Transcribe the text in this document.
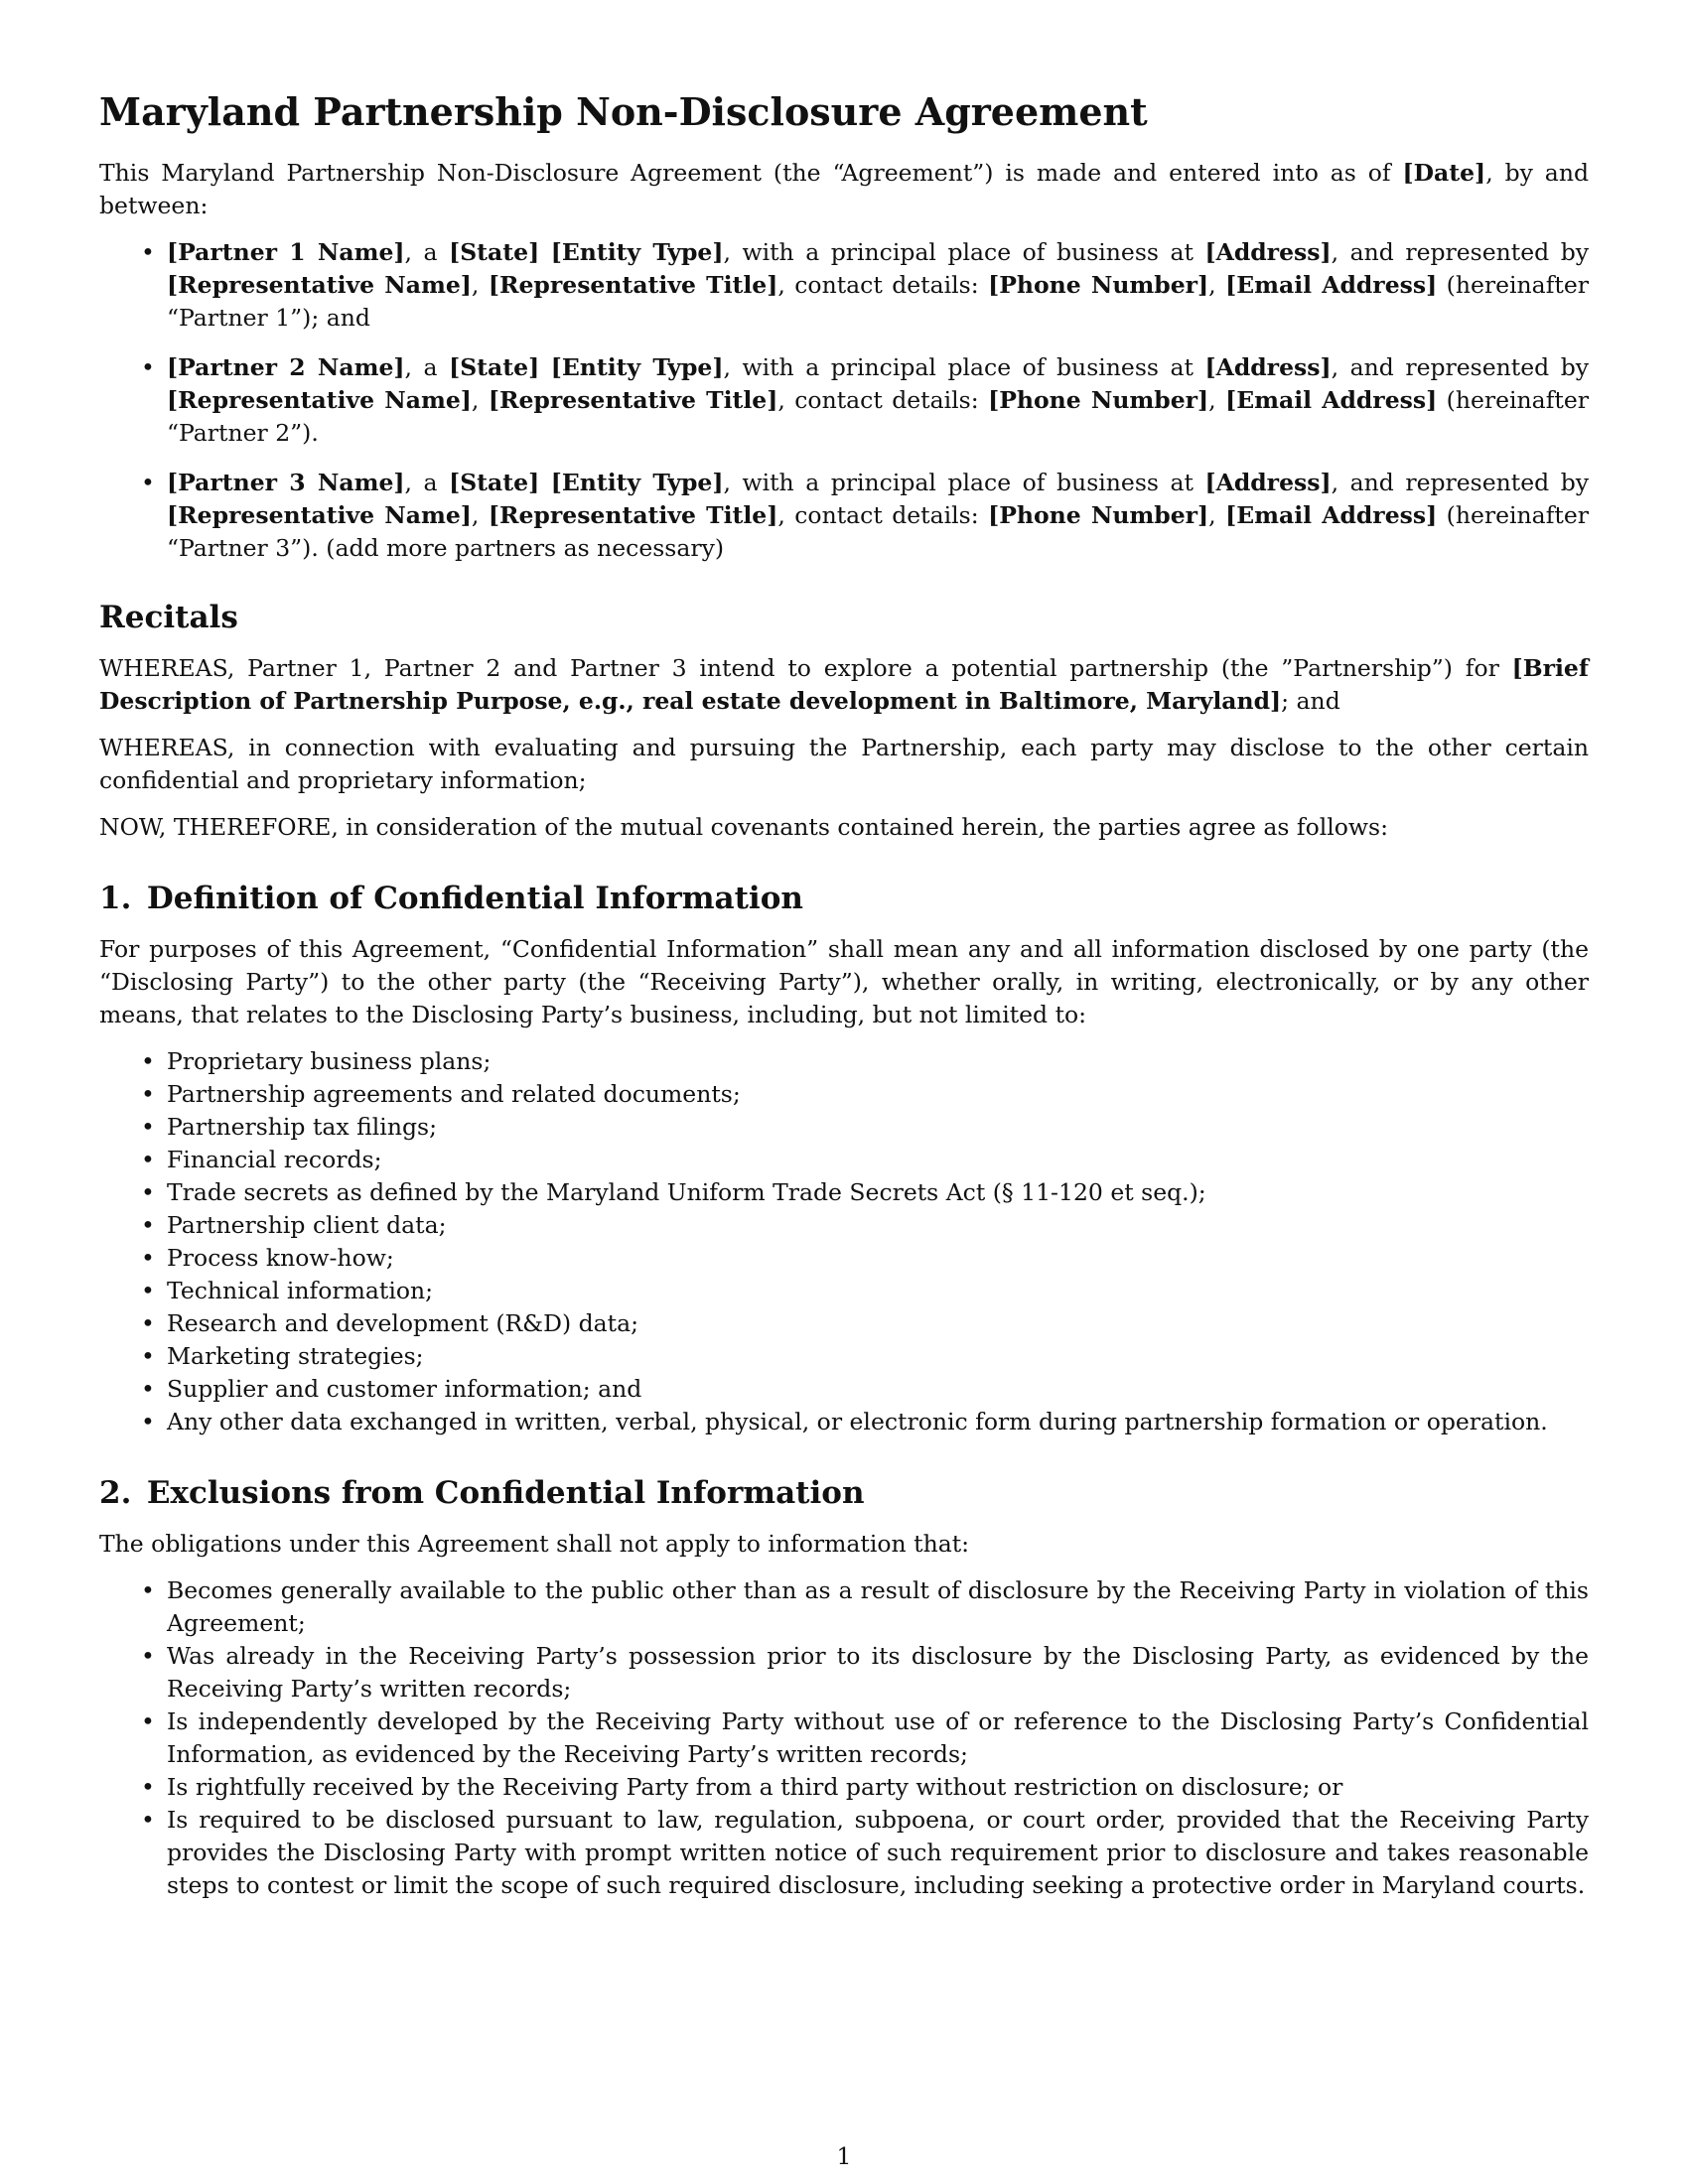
Maryland Partnership Non-Disclosure Agreement

This Maryland Partnership Non-Disclosure Agreement (the “Agreement”) is made and entered into as of [Date], by and between:

• [Partner 1 Name], a [State] [Entity Type], with a principal place of business at [Address], and represented by [Representative Name], [Representative Title], contact details: [Phone Number], [Email Address] (hereinafter “Partner 1”); and
• [Partner 2 Name], a [State] [Entity Type], with a principal place of business at [Address], and represented by [Representative Name], [Representative Title], contact details: [Phone Number], [Email Address] (hereinafter “Partner 2”).
• [Partner 3 Name], a [State] [Entity Type], with a principal place of business at [Address], and represented by [Representative Name], [Representative Title], contact details: [Phone Number], [Email Address] (hereinafter “Partner 3”). (add more partners as necessary)
Recitals

WHEREAS, Partner 1, Partner 2 and Partner 3 intend to explore a potential partnership (the ”Partnership”) for [Brief Description of Partnership Purpose, e.g., real estate development in Baltimore, Maryland]; and

WHEREAS, in connection with evaluating and pursuing the Partnership, each party may disclose to the other certain confidential and proprietary information;

NOW, THEREFORE, in consideration of the mutual covenants contained herein, the parties agree as follows:

1. Definition of Confidential Information

For purposes of this Agreement, “Confidential Information” shall mean any and all information disclosed by one party (the “Disclosing Party”) to the other party (the “Receiving Party”), whether orally, in writing, electronically, or by any other means, that relates to the Disclosing Party’s business, including, but not limited to:

• Proprietary business plans;
• Partnership agreements and related documents;
• Partnership tax filings;
• Financial records;
• Trade secrets as defined by the Maryland Uniform Trade Secrets Act (§ 11-120 et seq.);
• Partnership client data;
• Process know-how;
• Technical information;
• Research and development (R&D) data;
• Marketing strategies;
• Supplier and customer information; and
• Any other data exchanged in written, verbal, physical, or electronic form during partnership formation or operation.
2. Exclusions from Confidential Information

The obligations under this Agreement shall not apply to information that:

• Becomes generally available to the public other than as a result of disclosure by the Receiving Party in violation of this Agreement;
• Was already in the Receiving Party’s possession prior to its disclosure by the Disclosing Party, as evidenced by the Receiving Party’s written records;
• Is independently developed by the Receiving Party without use of or reference to the Disclosing Party’s Confidential Information, as evidenced by the Receiving Party’s written records;
• Is rightfully received by the Receiving Party from a third party without restriction on disclosure; or
• Is required to be disclosed pursuant to law, regulation, subpoena, or court order, provided that the Receiving Party provides the Disclosing Party with prompt written notice of such requirement prior to disclosure and takes reasonable steps to contest or limit the scope of such required disclosure, including seeking a protective order in Maryland courts.
1
